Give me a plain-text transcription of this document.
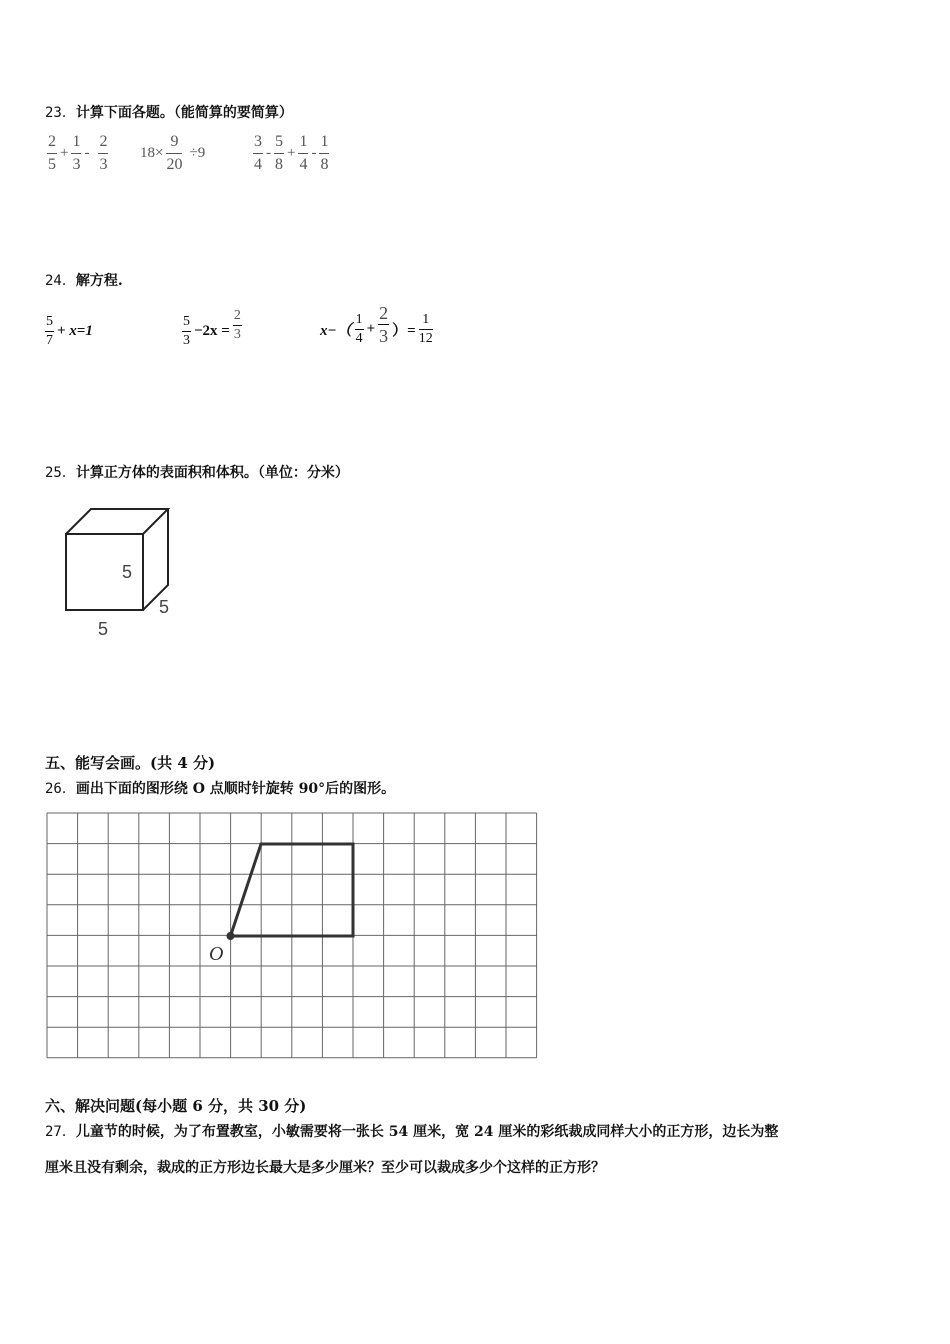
23．计算下面各题。（能简算的要简算）
$\frac{2}{5} + \frac{1}{3} - \frac{2}{3} 18\times \frac{9}{20} \div 9$	$\frac{3}{4} - \frac{5}{8} + \frac{1}{4} - \frac{1}{8}$
24．解方程.
$\frac{5}{7} + x=1$	$\frac{5}{3} -2x = \frac{2}{3}$	$x-( \frac{1}{4} + \frac{2}{3}$ ）= $\frac{1}{12}$
25．计算正方体的表面积和体积。（单位：分米）
5
5
5
五、能写会画。(共 4 分)
26．画出下面的图形绕 O 点顺时针旋转 90°后的图形。
O
六、解决问题(每小题 6 分，共 30 分)
27．儿童节的时候，为了布置教室，小敏需要将一张长 54 厘米，宽 24 厘米的彩纸裁成同样大小的正方形，边长为整
厘米且没有剩余，裁成的正方形边长最大是多少厘米？至少可以裁成多少个这样的正方形？
